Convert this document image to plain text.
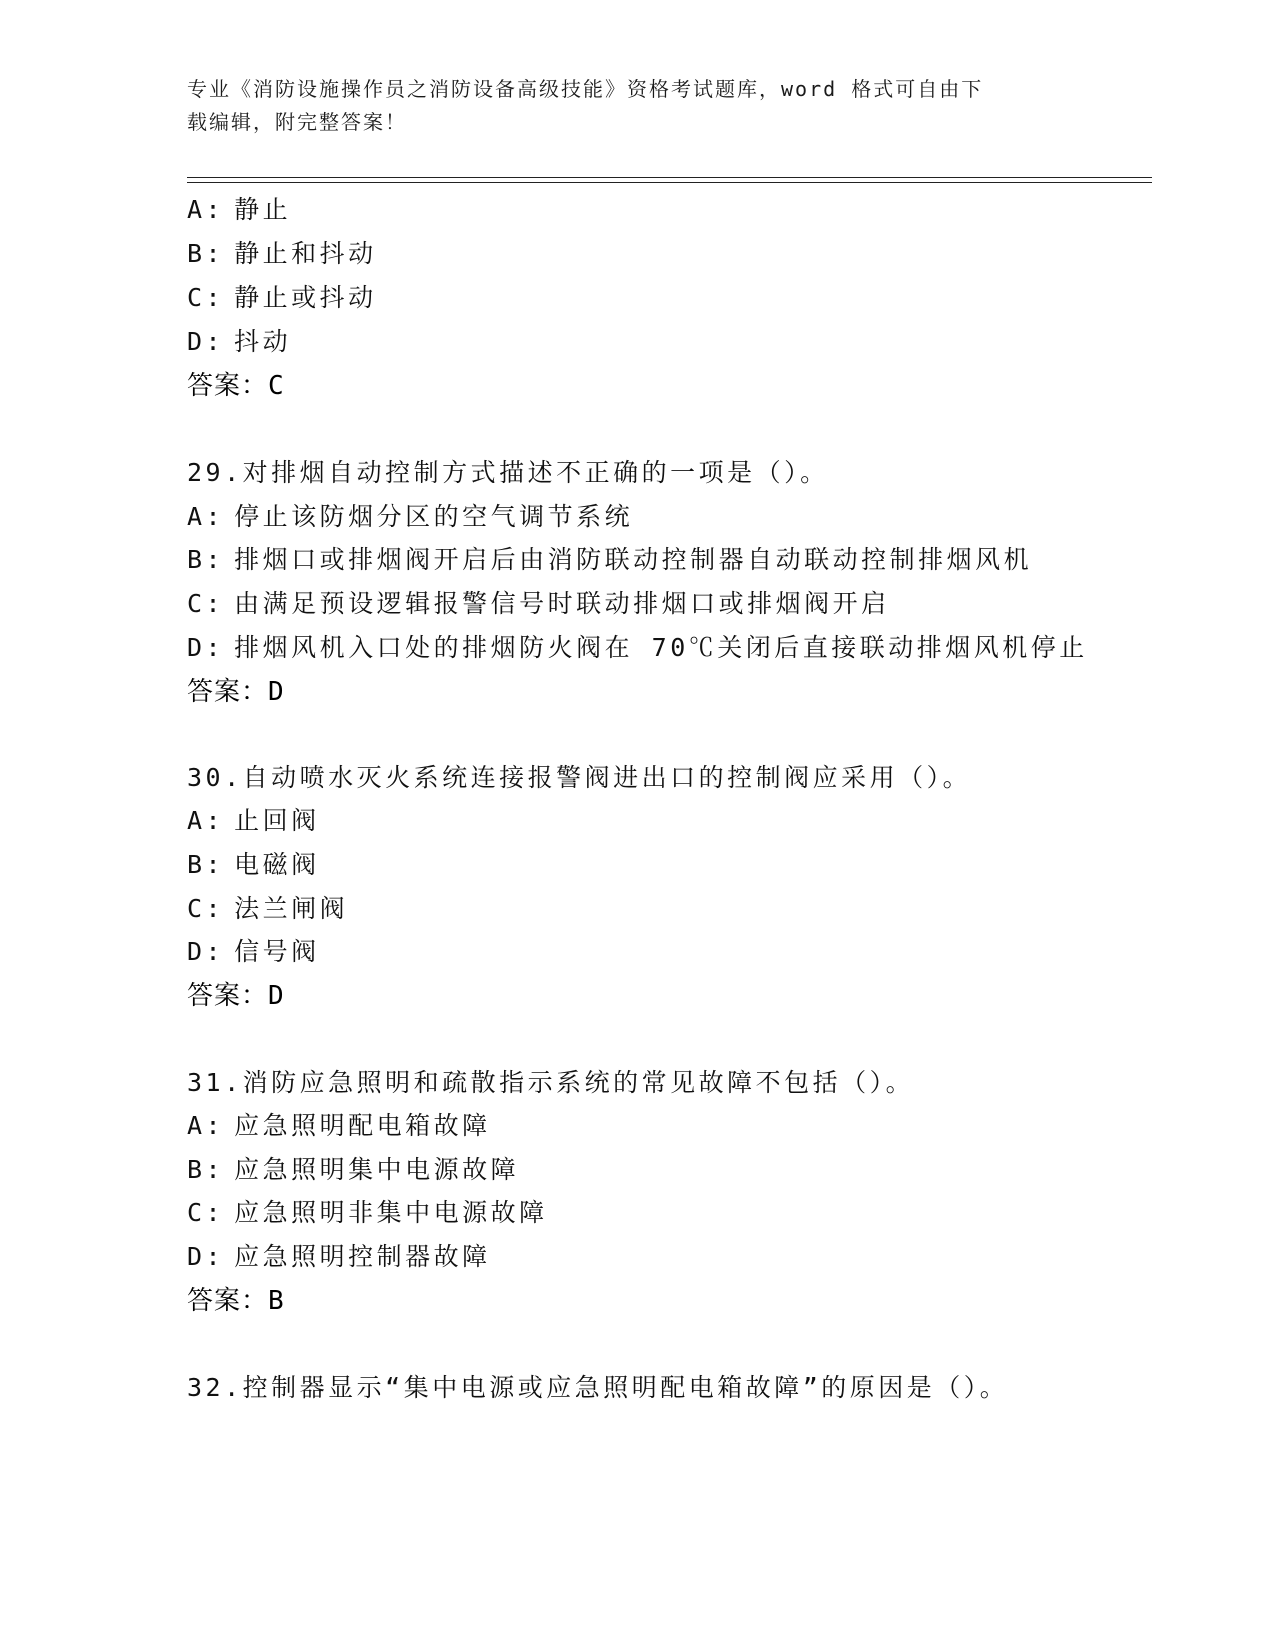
专业《消防设施操作员之消防设备高级技能》资格考试题库，word 格式可自由下
载编辑，附完整答案！
A: 静止
B: 静止和抖动
C: 静止或抖动
D: 抖动
答案：C
29.对排烟自动控制方式描述不正确的一项是（）。
A: 停止该防烟分区的空气调节系统
B: 排烟口或排烟阀开启后由消防联动控制器自动联动控制排烟风机
C: 由满足预设逻辑报警信号时联动排烟口或排烟阀开启
D: 排烟风机入口处的排烟防火阀在 70℃关闭后直接联动排烟风机停止
答案：D
30.自动喷水灭火系统连接报警阀进出口的控制阀应采用（）。
A: 止回阀
B: 电磁阀
C: 法兰闸阀
D: 信号阀
答案：D
31.消防应急照明和疏散指示系统的常见故障不包括（）。
A: 应急照明配电箱故障
B: 应急照明集中电源故障
C: 应急照明非集中电源故障
D: 应急照明控制器故障
答案：B
32.控制器显示“集中电源或应急照明配电箱故障”的原因是（）。
